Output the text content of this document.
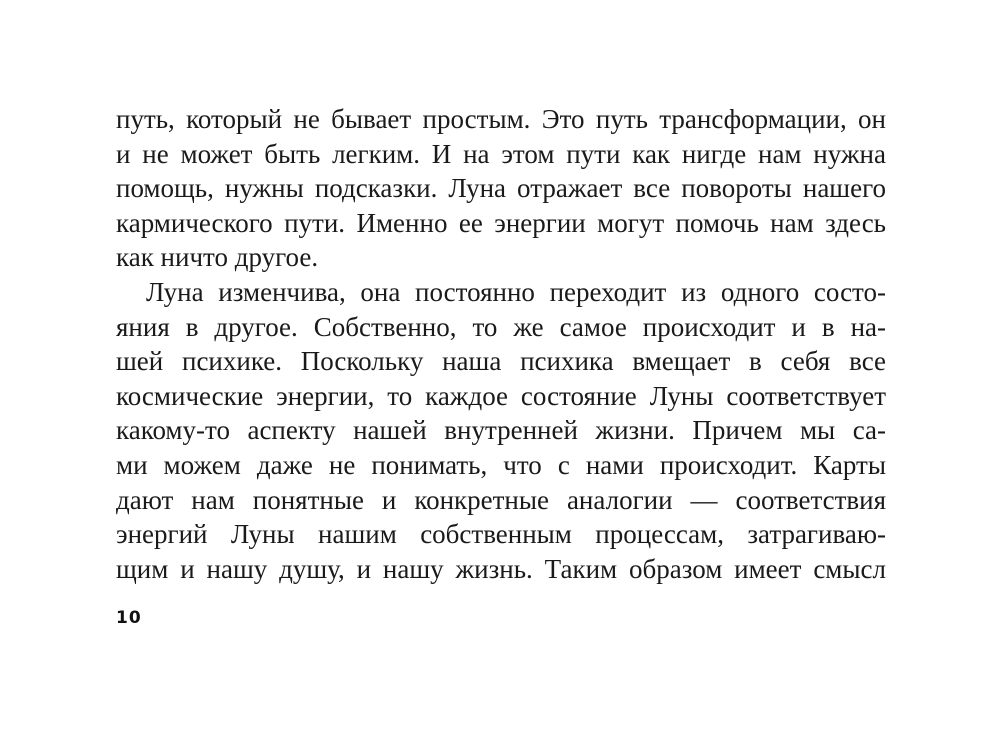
путь, который не бывает простым. Это путь трансформации, он
и не может быть легким. И на этом пути как нигде нам нужна
помощь, нужны подсказки. Луна отражает все повороты нашего
кармического пути. Именно ее энергии могут помочь нам здесь
как ничто другое.
Луна изменчива, она постоянно переходит из одного состо-
яния в другое. Собственно, то же самое происходит и в на-
шей психике. Поскольку наша психика вмещает в себя все
космические энергии, то каждое состояние Луны соответствует
какому-то аспекту нашей внутренней жизни. Причем мы са-
ми можем даже не понимать, что с нами происходит. Карты
дают нам понятные и конкретные аналогии — соответствия
энергий Луны нашим собственным процессам, затрагиваю-
щим и нашу душу, и нашу жизнь. Таким образом имеет смысл
10
